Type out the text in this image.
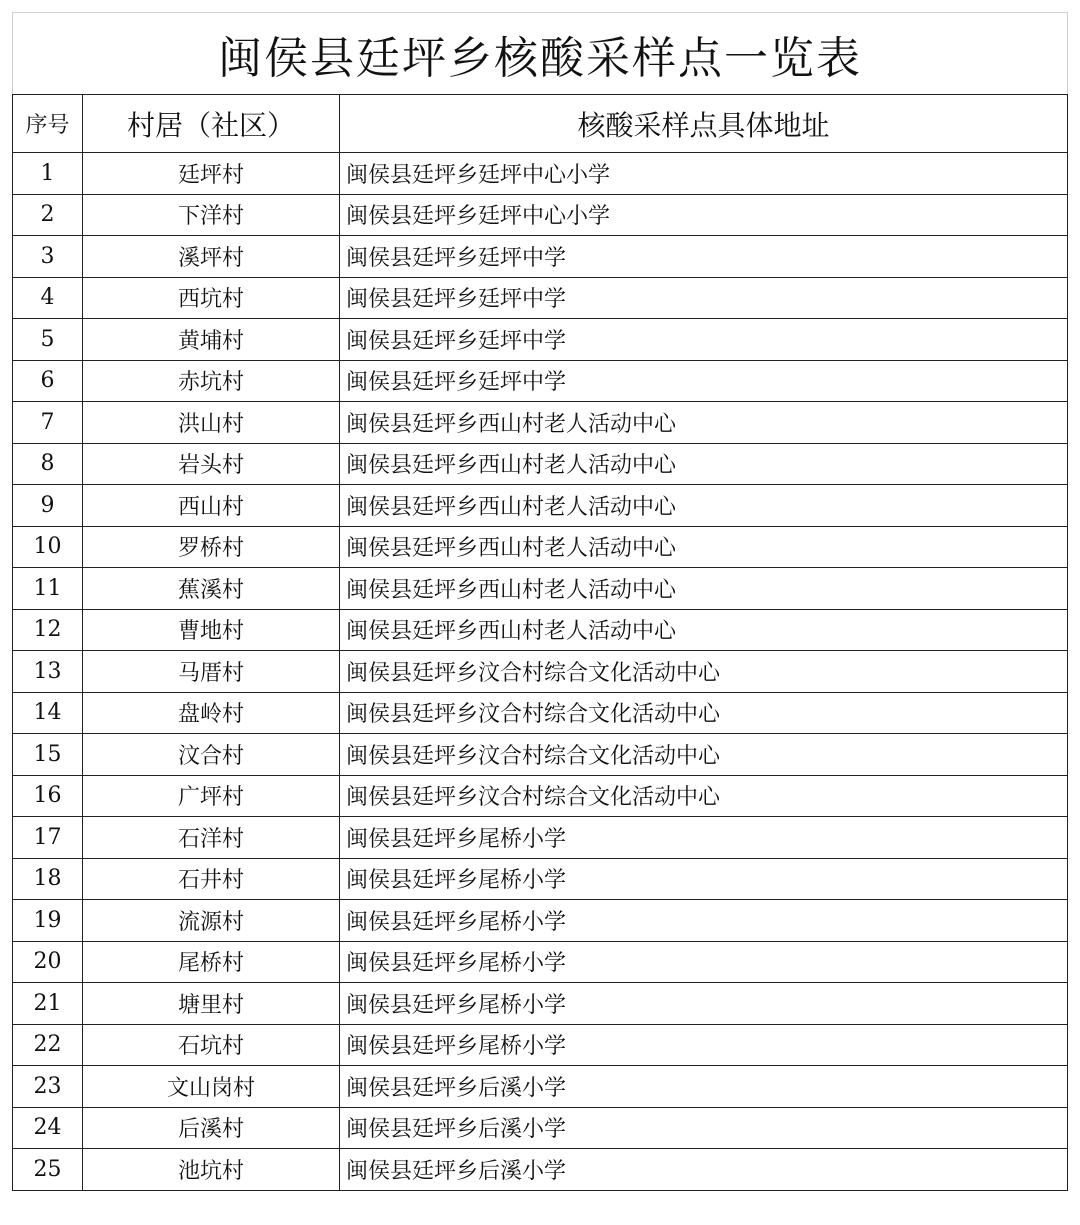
闽侯县廷坪乡核酸采样点一览表
序号	村居（社区）	核酸采样点具体地址
1	廷坪村	闽侯县廷坪乡廷坪中心小学
2	下洋村	闽侯县廷坪乡廷坪中心小学
3	溪坪村	闽侯县廷坪乡廷坪中学
4	西坑村	闽侯县廷坪乡廷坪中学
5	黄埔村	闽侯县廷坪乡廷坪中学
6	赤坑村	闽侯县廷坪乡廷坪中学
7	洪山村	闽侯县廷坪乡西山村老人活动中心
8	岩头村	闽侯县廷坪乡西山村老人活动中心
9	西山村	闽侯县廷坪乡西山村老人活动中心
10	罗桥村	闽侯县廷坪乡西山村老人活动中心
11	蕉溪村	闽侯县廷坪乡西山村老人活动中心
12	曹地村	闽侯县廷坪乡西山村老人活动中心
13	马厝村	闽侯县廷坪乡汶合村综合文化活动中心
14	盘岭村	闽侯县廷坪乡汶合村综合文化活动中心
15	汶合村	闽侯县廷坪乡汶合村综合文化活动中心
16	广坪村	闽侯县廷坪乡汶合村综合文化活动中心
17	石洋村	闽侯县廷坪乡尾桥小学
18	石井村	闽侯县廷坪乡尾桥小学
19	流源村	闽侯县廷坪乡尾桥小学
20	尾桥村	闽侯县廷坪乡尾桥小学
21	塘里村	闽侯县廷坪乡尾桥小学
22	石坑村	闽侯县廷坪乡尾桥小学
23	文山岗村	闽侯县廷坪乡后溪小学
24	后溪村	闽侯县廷坪乡后溪小学
25	池坑村	闽侯县廷坪乡后溪小学
